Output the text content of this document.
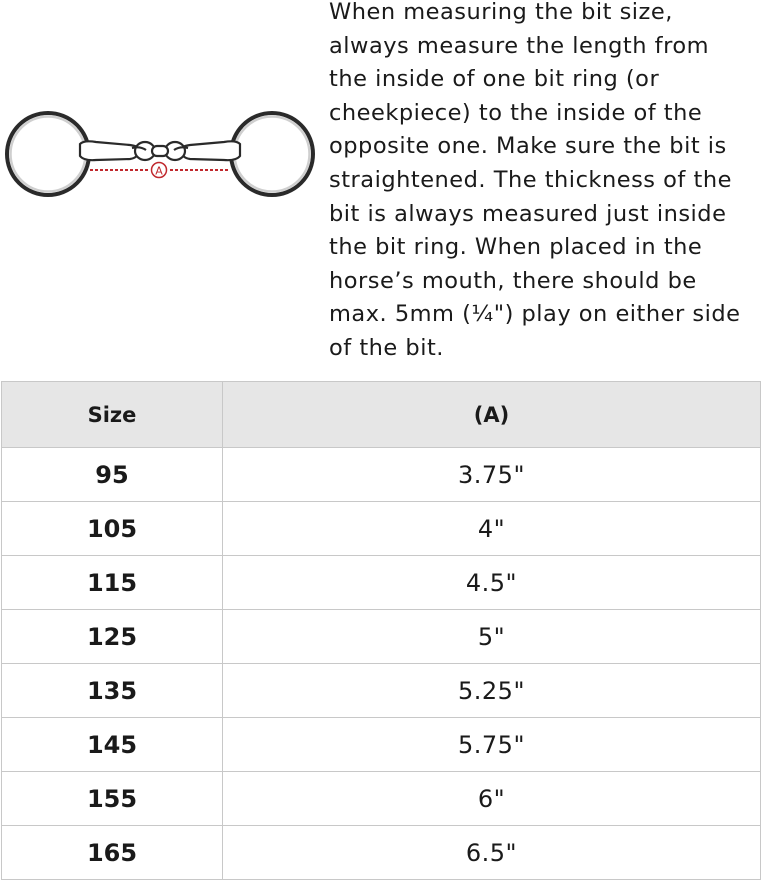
A

When measuring the bit size,
always measure the length from
the inside of one bit ring (or
cheekpiece) to the inside of the
opposite one. Make sure the bit is
straightened. The thickness of the
bit is always measured just inside
the bit ring. When placed in the
horse’s mouth, there should be
max. 5mm (¼") play on either side
of the bit.

Size	(A)
95	3.75"
105	4"
115	4.5"
125	5"
135	5.25"
145	5.75"
155	6"
165	6.5"
